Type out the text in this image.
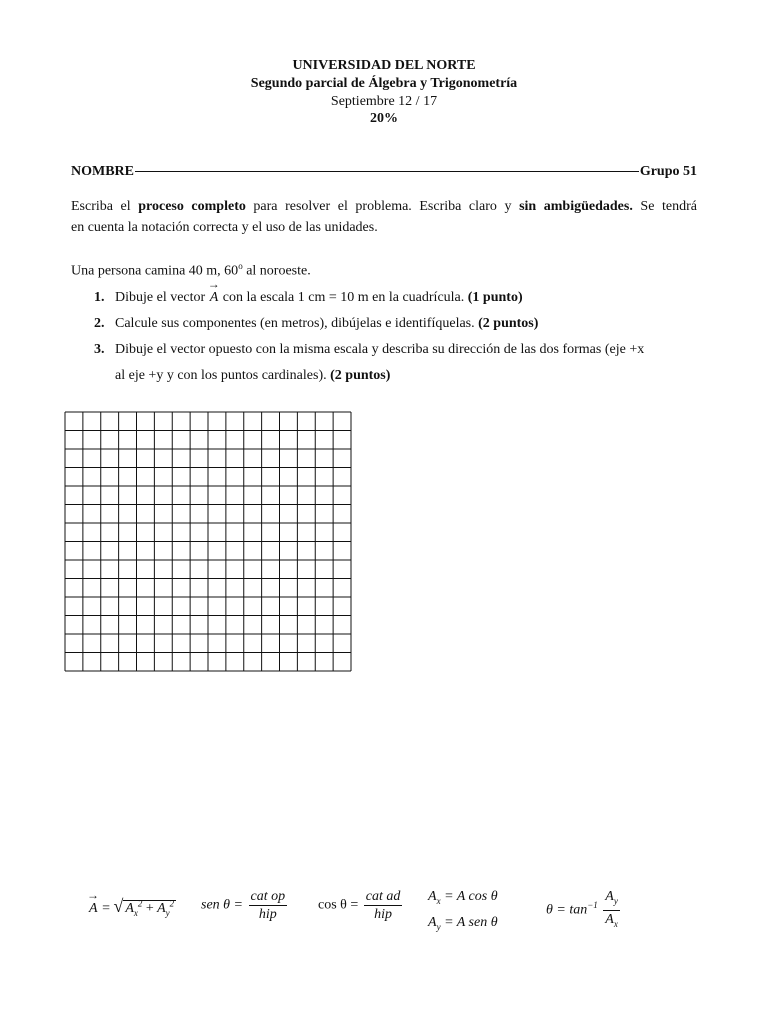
UNIVERSIDAD DEL NORTE
Segundo parcial de Álgebra y Trigonometría
Septiembre 12 / 17
20%
NOMBRE	Grupo 51
Escriba el proceso completo para resolver el problema. Escriba claro y sin ambigüedades. Se tendrá
en cuenta la notación correcta y el uso de las unidades.
Una persona camina 40 m, 60$^o$ al noroeste.
1. Dibuje el vector → A con la escala 1 cm = 10 m en la cuadrícula. (1 punto)
2. Calcule sus componentes (en metros), dibújelas e identifíquelas. (2 puntos)
3. Dibuje el vector opuesto con la misma escala y describa su dirección de las dos formas (eje +x
al eje +y y con los puntos cardinales). (2 puntos)
→ A = √ $A_x^2 + A_y^2$ sen $\theta = \frac{\text{cat op}}{\text{hip}}$ $\cos \theta = \frac{\text{cat ad}}{\text{hip}} A_x = A$ cos θ
$A_y = A$ sen θ
$\theta = \tan^{-1} \frac{A_y}{A_x}$
